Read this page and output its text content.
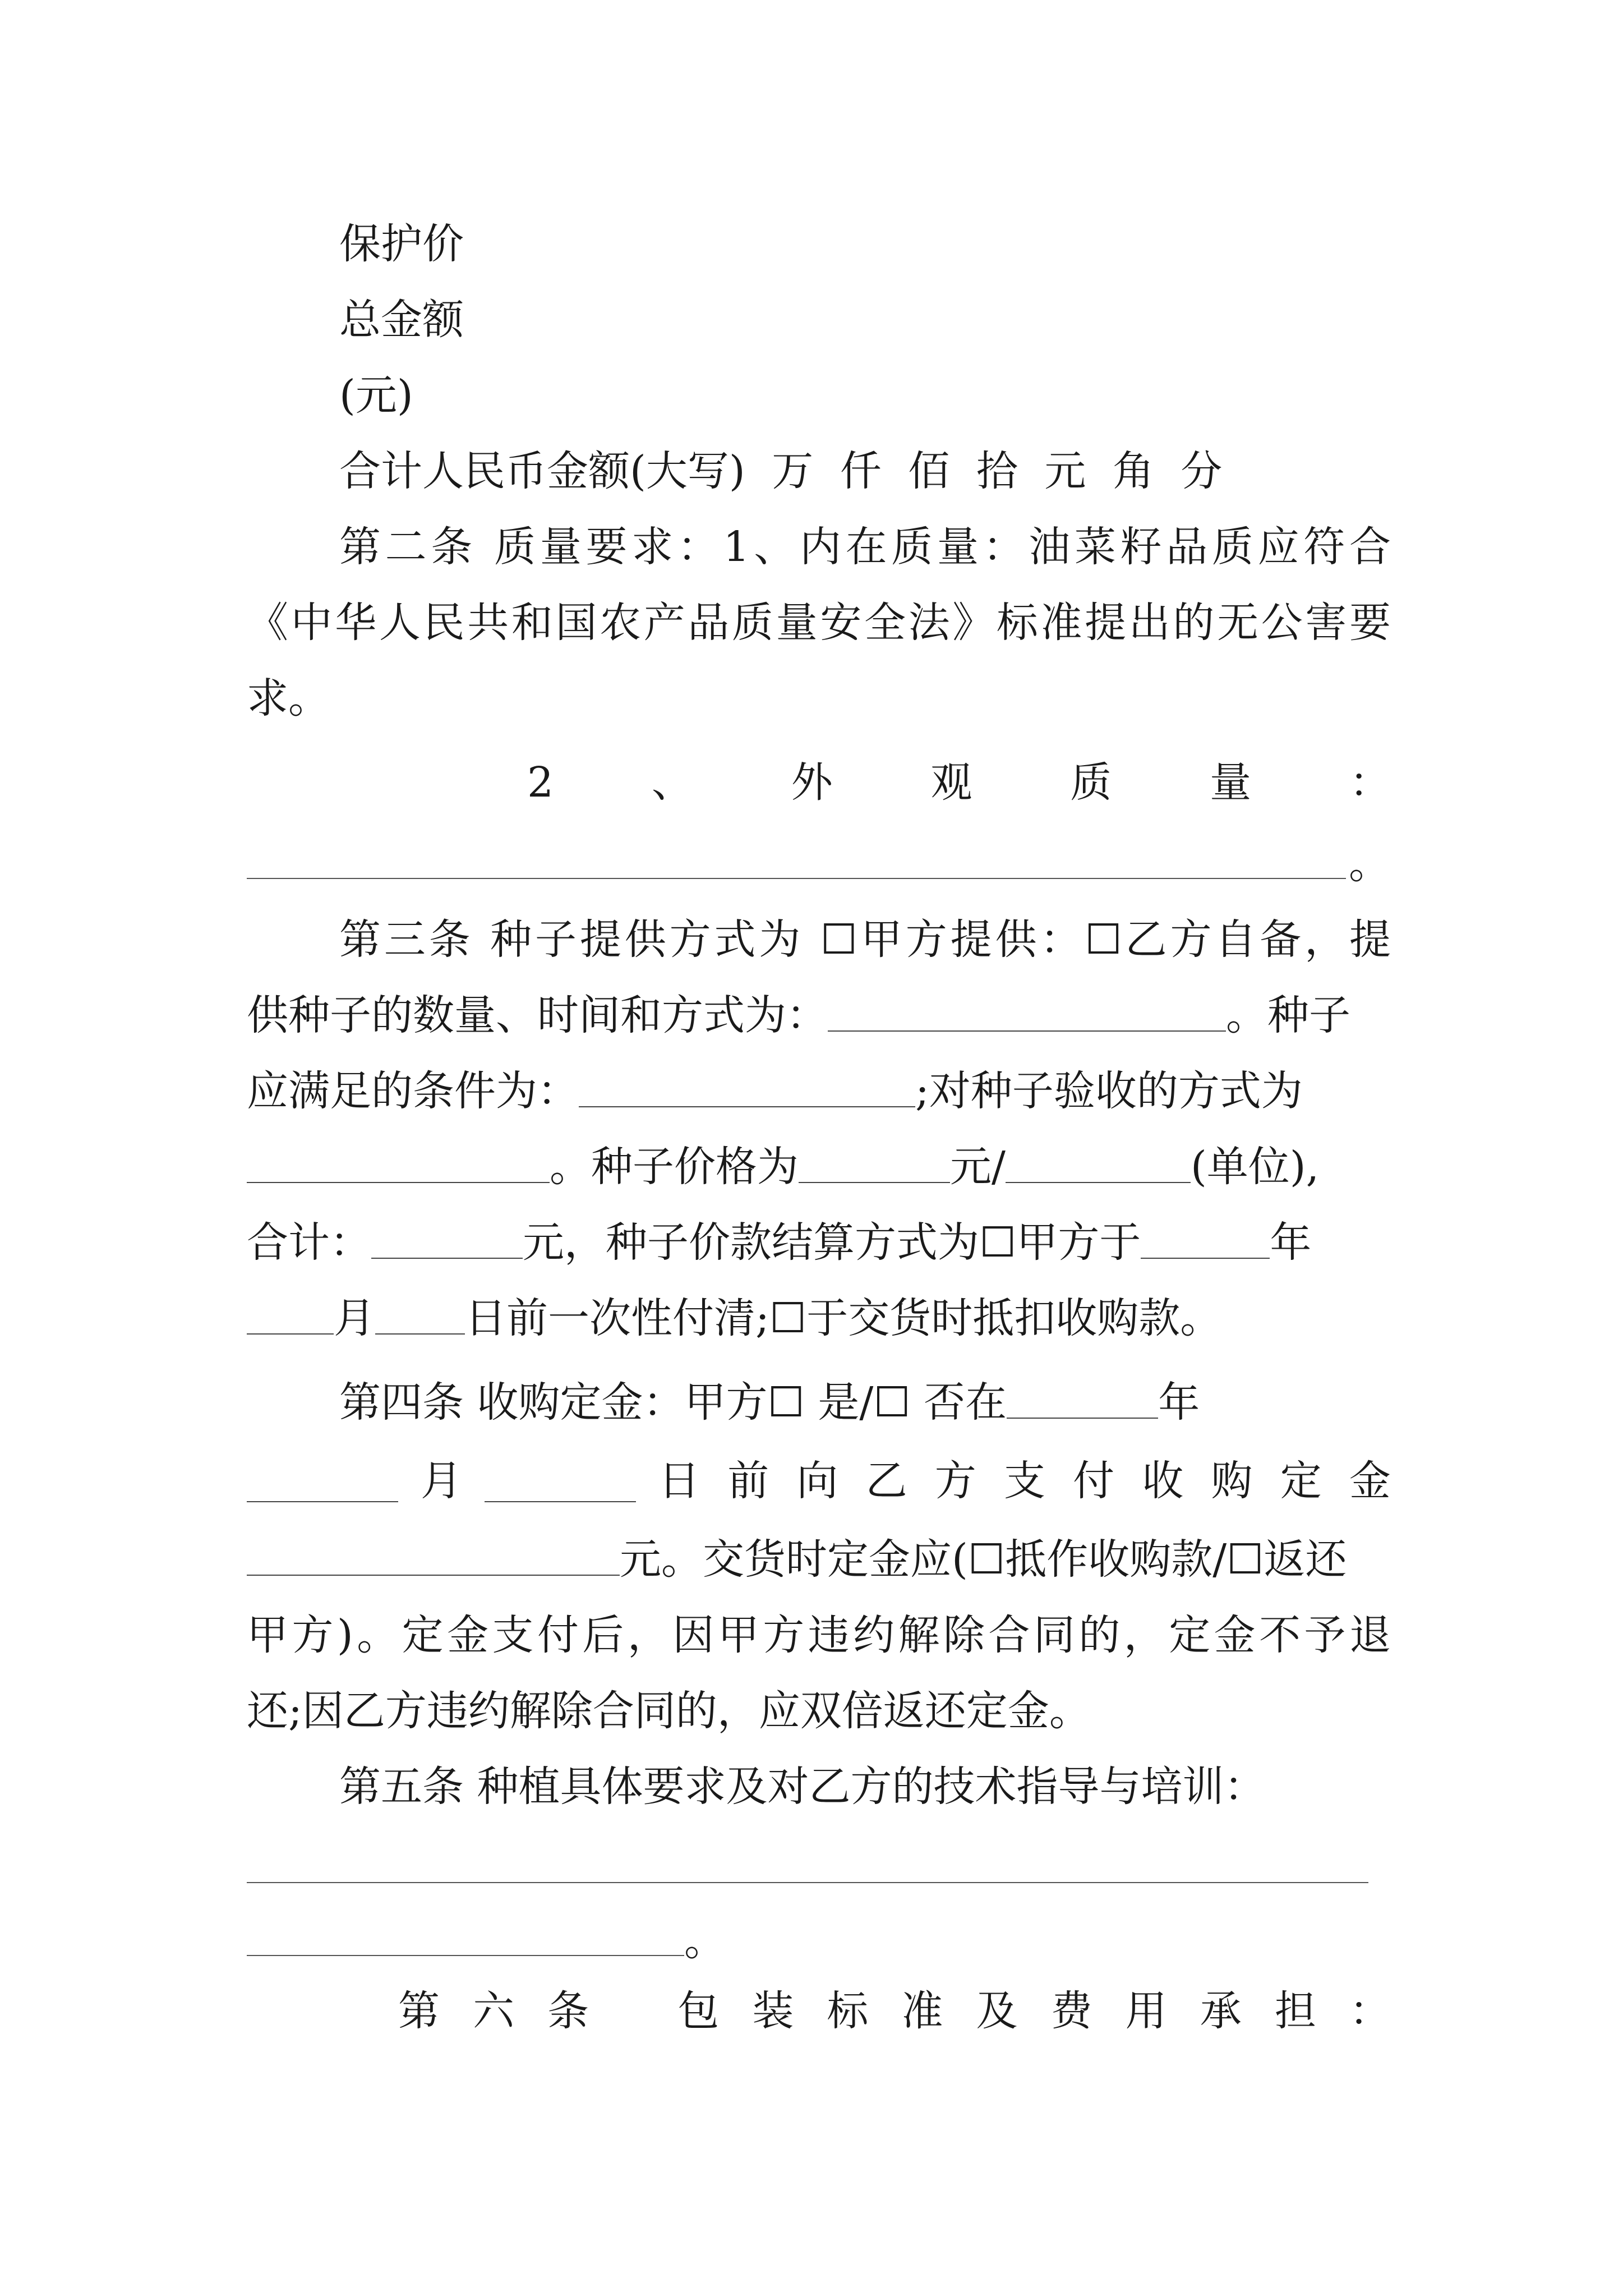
保护价
总金额
(元)
合计人民币金额(大写) 万 仟 佰 拾 元 角 分
第二条 质量要求：1、内在质量：油菜籽品质应符合
《中华人民共和国农产品质量安全法》标准提出的无公害要
求。
2 、 外 观 质 量 ：
。
第三条 种子提供方式为 ☐甲方提供：☐乙方自备，提
供种子的数量、时间和方式为：	。种子
应满足的条件为：	;对种子验收的方式为
。种子价格为	元/	(单位),
合计：	元，种子价款结算方式为☐甲方于	年
月 日前一次性付清;☐于交货时抵扣收购款。
第四条 收购定金：甲方☐ 是/☐ 否在	年
月	日 前 向 乙 方 支 付 收 购 定 金
元。交货时定金应(☐抵作收购款/☐返还
甲方)。定金支付后，因甲方违约解除合同的，定金不予退
还;因乙方违约解除合同的，应双倍返还定金。
第五条 种植具体要求及对乙方的技术指导与培训：
。
第 六 条 包 装 标 准 及 费 用 承 担 ：
